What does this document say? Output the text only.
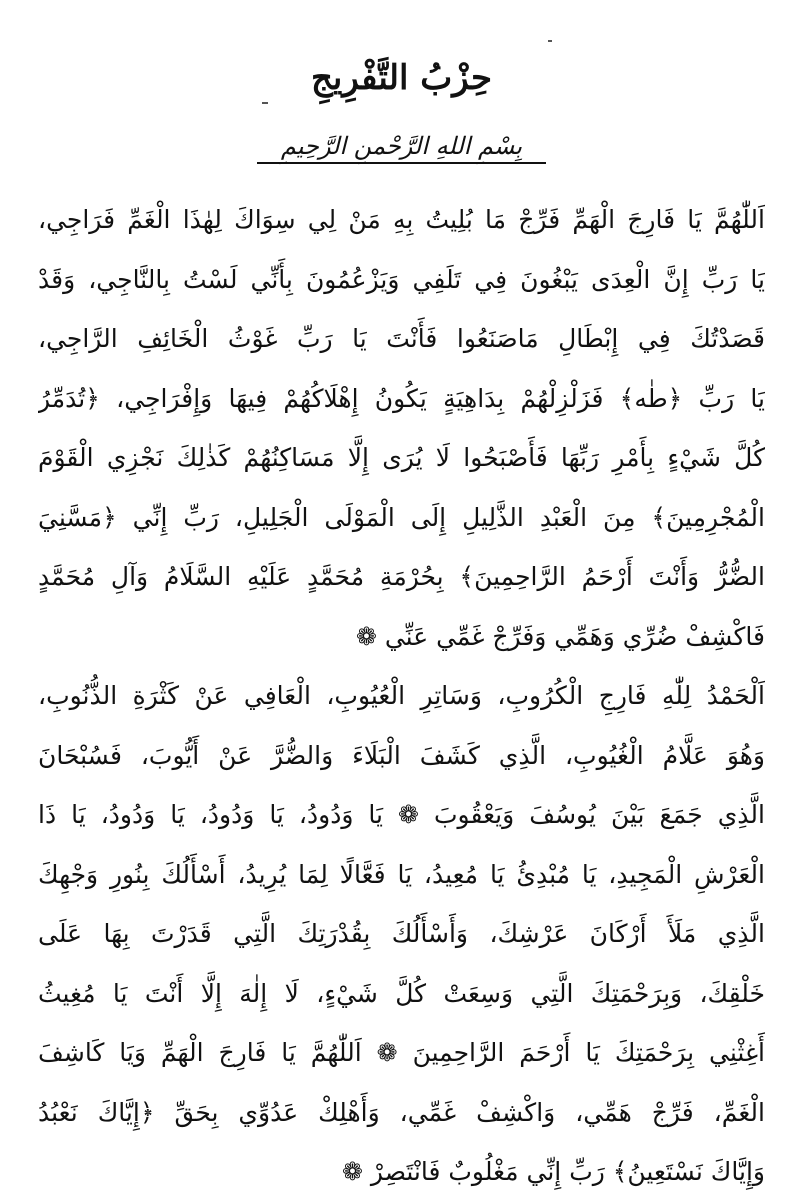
حِزْبُ التَّفْرِيجِ
بِسْمِ اللهِ الرَّحْمنِ الرَّحِيمِ
اَللّٰهُمَّ يَا فَارِجَ الْهَمِّ فَرِّجْ مَا بُلِيتُ بِهِ مَنْ لِي سِوَاكَ لِهٰذَا الْغَمِّ فَرَاجِي،
يَا رَبِّ إِنَّ الْعِدَى يَبْغُونَ فِي تَلَفِي وَيَزْعُمُونَ بِأَنِّي لَسْتُ بِالنَّاجِي، وَقَدْ
قَصَدْتُكَ فِي إِبْطَالِ مَاصَنَعُوا فَأَنْتَ يَا رَبِّ غَوْثُ الْخَائِفِ الرَّاجِي،
يَا رَبِّ ﴿طٰه﴾ فَزَلْزِلْهُمْ بِدَاهِيَةٍ يَكُونُ إِهْلَاكُهُمْ فِيهَا وَإِفْرَاجِي، ﴿تُدَمِّرُ
كُلَّ شَيْءٍ بِأَمْرِ رَبِّهَا فَأَصْبَحُوا لَا يُرَى إِلَّا مَسَاكِنُهُمْ كَذٰلِكَ نَجْزِي الْقَوْمَ
الْمُجْرِمِينَ﴾ مِنَ الْعَبْدِ الذَّلِيلِ إِلَى الْمَوْلَى الْجَلِيلِ، رَبِّ إِنِّي ﴿مَسَّنِيَ
الضُّرُّ وَأَنْتَ أَرْحَمُ الرَّاحِمِينَ﴾ بِحُرْمَةِ مُحَمَّدٍ عَلَيْهِ السَّلَامُ وَآلِ مُحَمَّدٍ
فَاكْشِفْ ضُرِّي وَهَمِّي وَفَرِّجْ غَمِّي عَنِّي ❁
اَلْحَمْدُ لِلّٰهِ فَارِجِ الْكُرُوبِ، وَسَاتِرِ الْعُيُوبِ، الْعَافِي عَنْ كَثْرَةِ الذُّنُوبِ،
وَهُوَ عَلَّامُ الْغُيُوبِ، الَّذِي كَشَفَ الْبَلَاءَ وَالضُّرَّ عَنْ أَيُّوبَ، فَسُبْحَانَ
الَّذِي جَمَعَ بَيْنَ يُوسُفَ وَيَعْقُوبَ ❁ يَا وَدُودُ، يَا وَدُودُ، يَا وَدُودُ، يَا ذَا
الْعَرْشِ الْمَجِيدِ، يَا مُبْدِئُ يَا مُعِيدُ، يَا فَعَّالًا لِمَا يُرِيدُ، أَسْأَلُكَ بِنُورِ وَجْهِكَ
الَّذِي مَلَأَ أَرْكَانَ عَرْشِكَ، وَأَسْأَلُكَ بِقُدْرَتِكَ الَّتِي قَدَرْتَ بِهَا عَلَى
خَلْقِكَ، وَبِرَحْمَتِكَ الَّتِي وَسِعَتْ كُلَّ شَيْءٍ، لَا إِلٰهَ إِلَّا أَنْتَ يَا مُغِيثُ
أَغِثْنِي بِرَحْمَتِكَ يَا أَرْحَمَ الرَّاحِمِينَ ❁ اَللّٰهُمَّ يَا فَارِجَ الْهَمِّ وَيَا كَاشِفَ
الْغَمِّ، فَرِّجْ هَمِّي، وَاكْشِفْ غَمِّي، وَأَهْلِكْ عَدُوِّي بِحَقِّ ﴿إِيَّاكَ نَعْبُدُ
وَإِيَّاكَ نَسْتَعِينُ﴾ رَبِّ إِنِّي مَغْلُوبٌ فَانْتَصِرْ ❁
